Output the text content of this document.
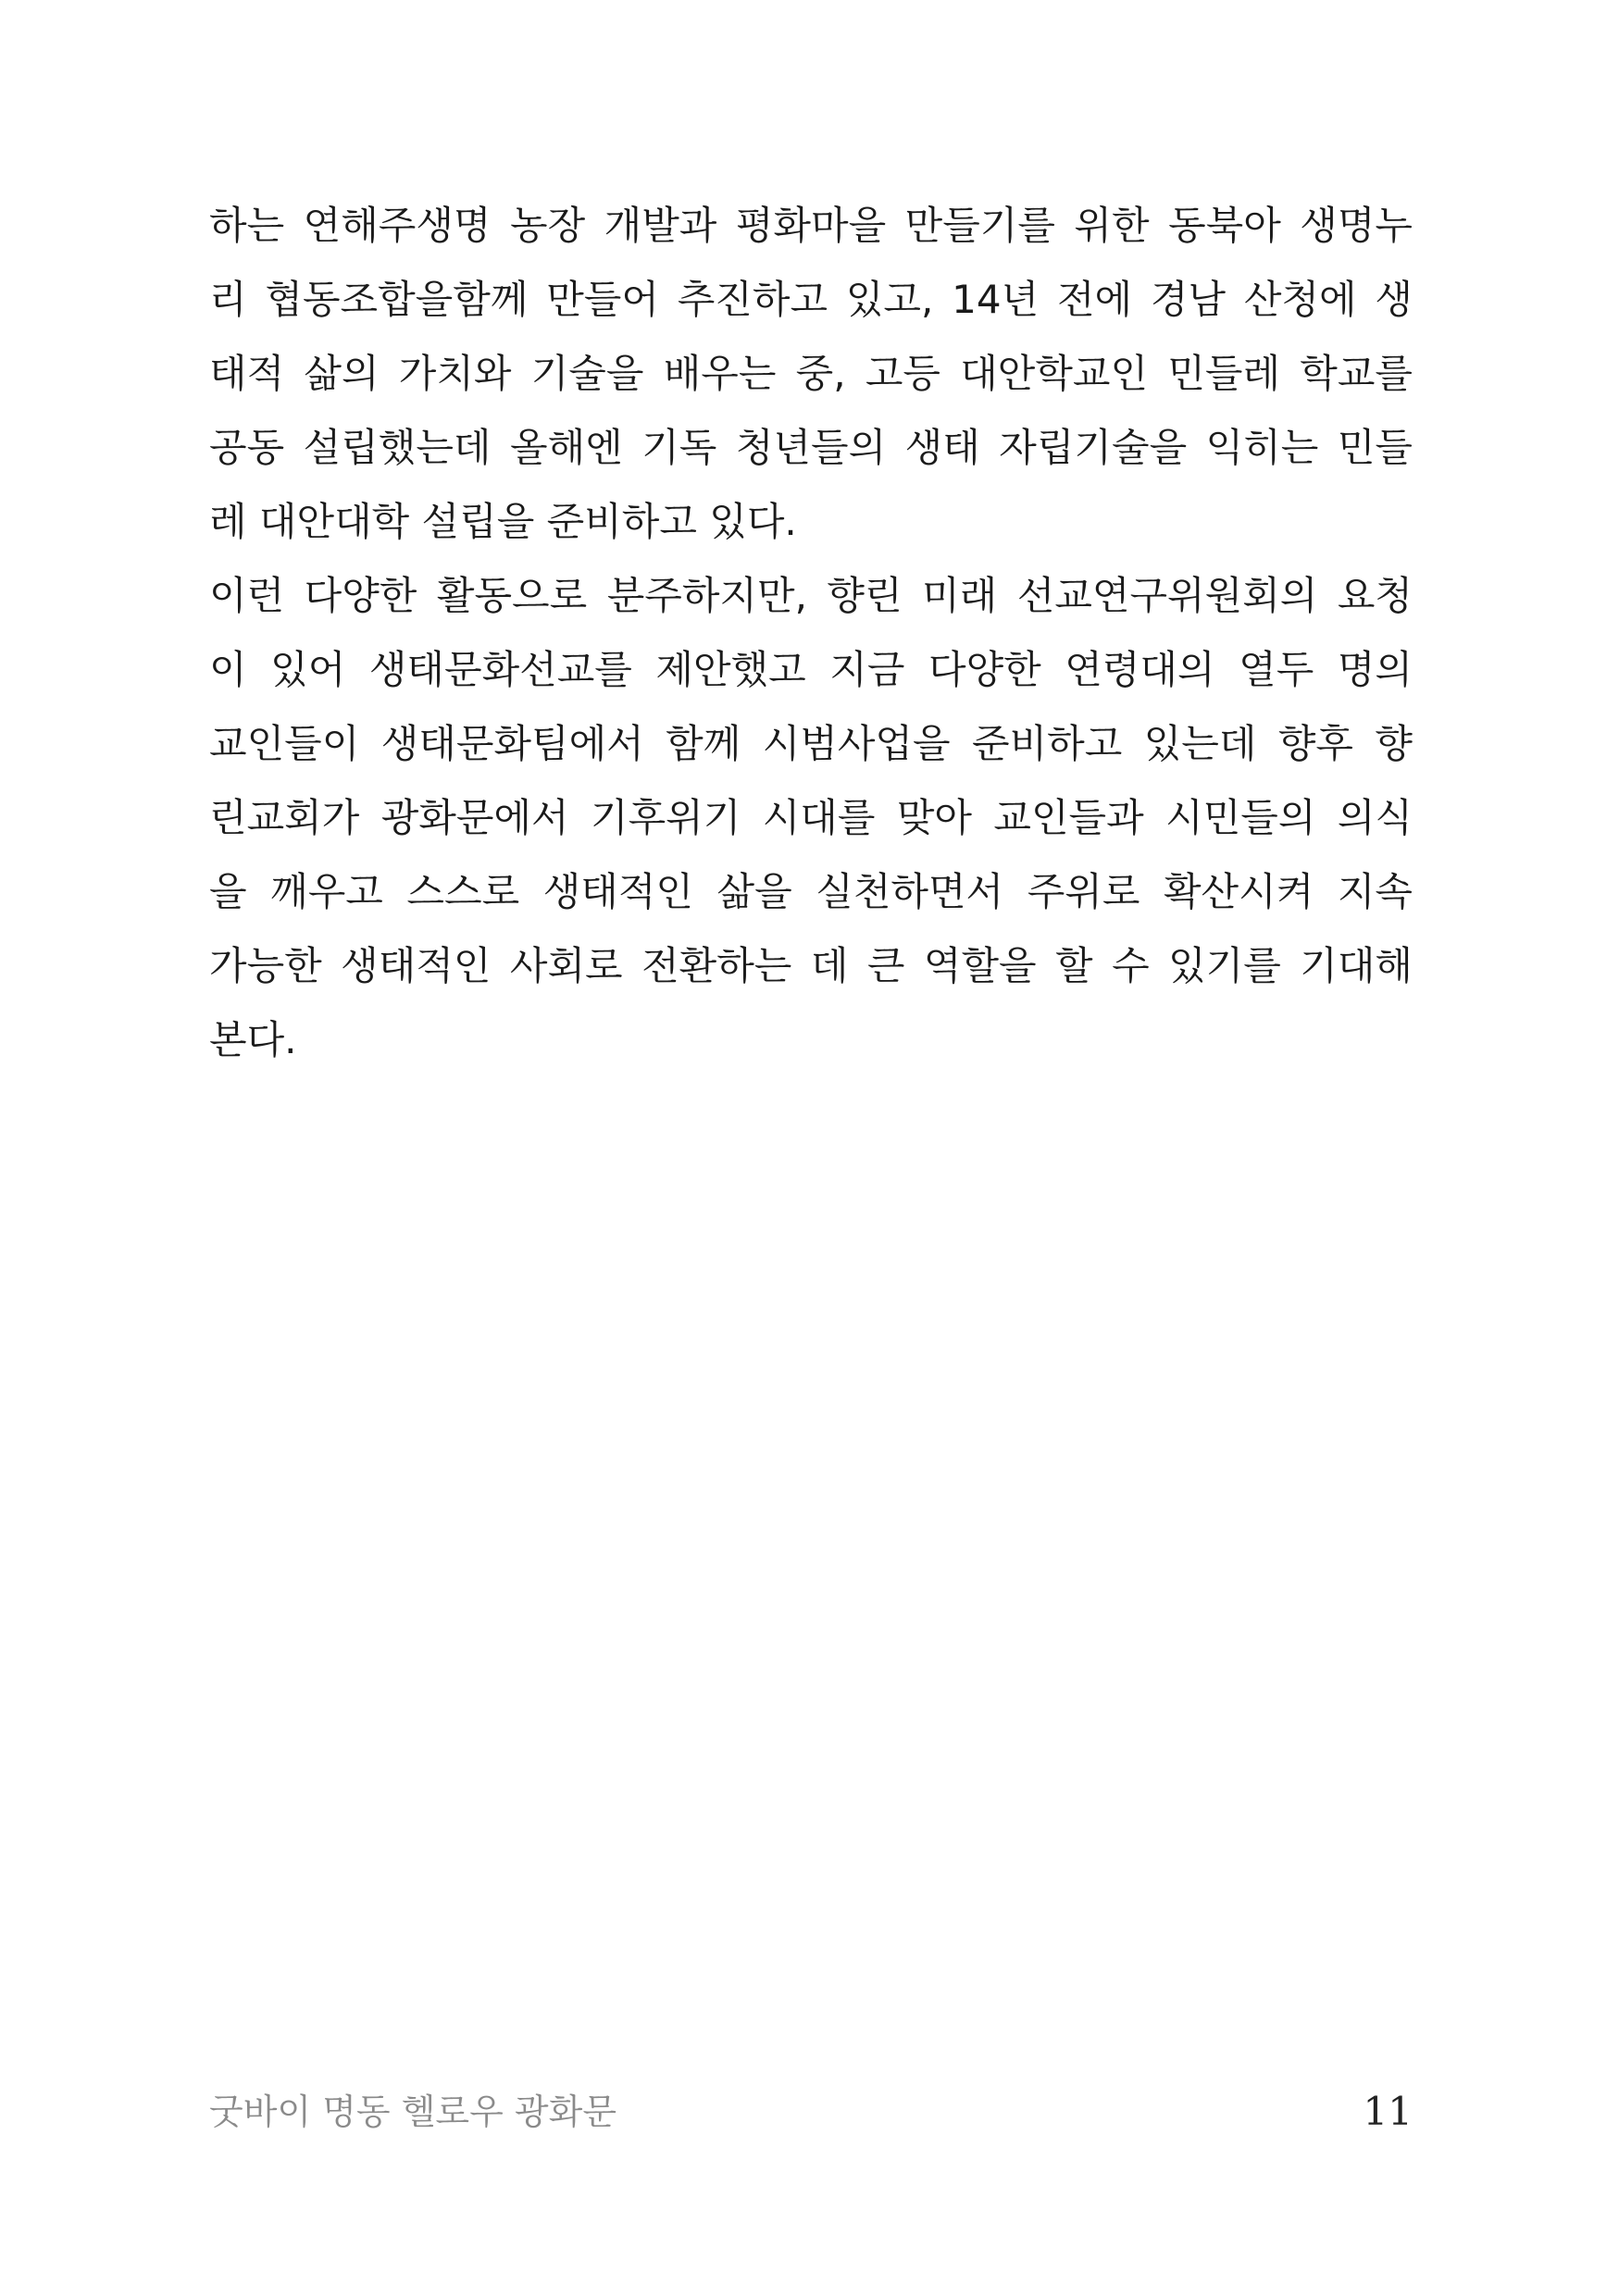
하는 연해주생명 농장 개발과 평화마을 만들기를 위한 동북아 생명누
리 협동조합을함께 만들어 추진하고 있고, 14년 전에 경남 산청에 생
태적 삶의 가치와 기술을 배우는 중, 고등 대안학교인 민들레 학교를
공동 설립했는데 올해엔 기독 청년들의 생태 자립기술을 익히는 민들
레 대안대학 설립을 준비하고 있다.
이런 다양한 활동으로 분주하지만, 향린 미래 선교연구위원회의 요청
이 있어 생태문화선교를 제안했고 지금 다양한 연령대의 열두 명의
교인들이 생태문화팀에서 함께 시범사업을 준비하고 있는데 향후 향
린교회가 광화문에서 기후위기 시대를 맞아 교인들과 시민들의 의식
을 깨우고 스스로 생태적인 삶을 실천하면서 주위로 확산시켜 지속
가능한 생태적인 사회로 전환하는 데 큰 역할을 할 수 있기를 기대해
본다.
굿바이 명동 헬로우 광화문	11
